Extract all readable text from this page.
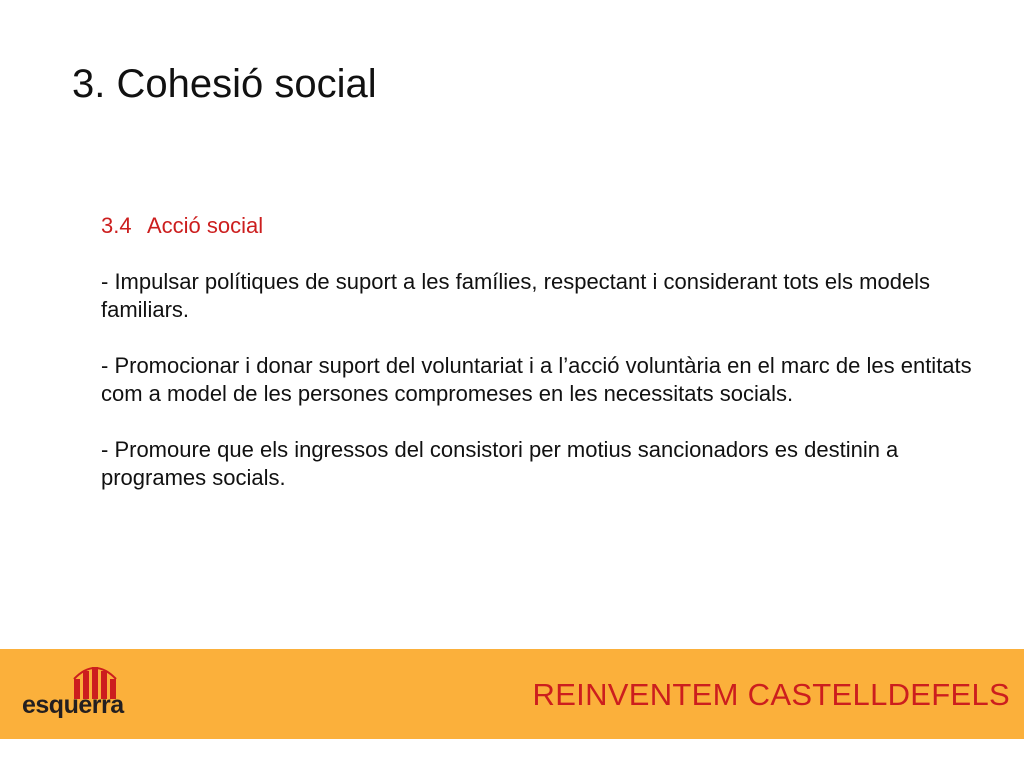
3. Cohesió social

3.4 Acció social

- Impulsar polítiques de suport a les famílies, respectant i considerant tots els models familiars.

- Promocionar i donar suport del voluntariat i a l’acció voluntària en el marc de les entitats com a model de les persones compromeses en les necessitats socials.

- Promoure que els ingressos del consistori per motius sancionadors es destinin a programes socials.

esquerra	REINVENTEM CASTELLDEFELS
